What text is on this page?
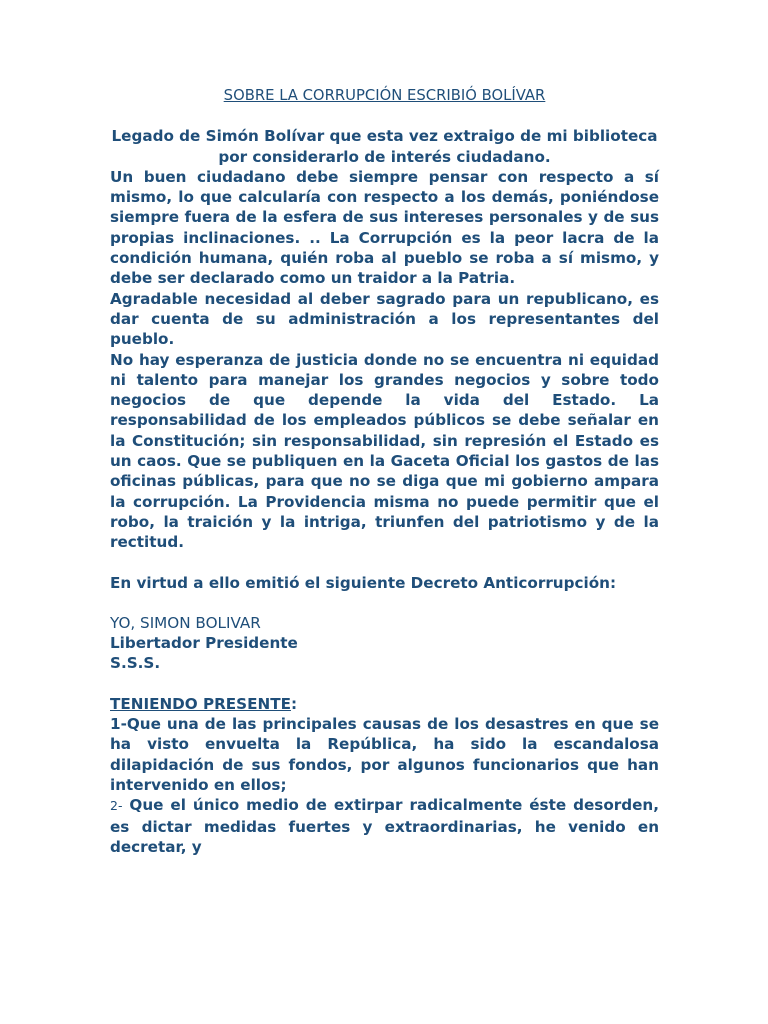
SOBRE LA CORRUPCIÓN ESCRIBIÓ BOLÍVAR

Legado de Simón Bolívar que esta vez extraigo de mi biblioteca por considerarlo de interés ciudadano.

Un buen ciudadano debe siempre pensar con respecto a sí mismo, lo que calcularía con respecto a los demás, poniéndose siempre fuera de la esfera de sus intereses personales y de sus propias inclinaciones. .. La Corrupción es la peor lacra de la condición humana, quién roba al pueblo se roba a sí mismo, y debe ser declarado como un traidor a la Patria.

Agradable necesidad al deber sagrado para un republicano, es dar cuenta de su administración a los representantes del pueblo.

No hay esperanza de justicia donde no se encuentra ni equidad ni talento para manejar los grandes negocios y sobre todo negocios de que depende la vida del Estado. La responsabilidad de los empleados públicos se debe señalar en la Constitución; sin responsabilidad, sin represión el Estado es un caos. Que se publiquen en la Gaceta Oficial los gastos de las oficinas públicas, para que no se diga que mi gobierno ampara la corrupción. La Providencia misma no puede permitir que el robo, la traición y la intriga, triunfen del patriotismo y de la rectitud.

En virtud a ello emitió el siguiente Decreto Anticorrupción:

YO, SIMON BOLIVAR

Libertador Presidente

S.S.S.

TENIENDO PRESENTE:

1-Que una de las principales causas de los desastres en que se ha visto envuelta la República, ha sido la escandalosa dilapidación de sus fondos, por algunos funcionarios que han intervenido en ellos;

2- Que el único medio de extirpar radicalmente éste desorden, es dictar medidas fuertes y extraordinarias, he venido en decretar, y
